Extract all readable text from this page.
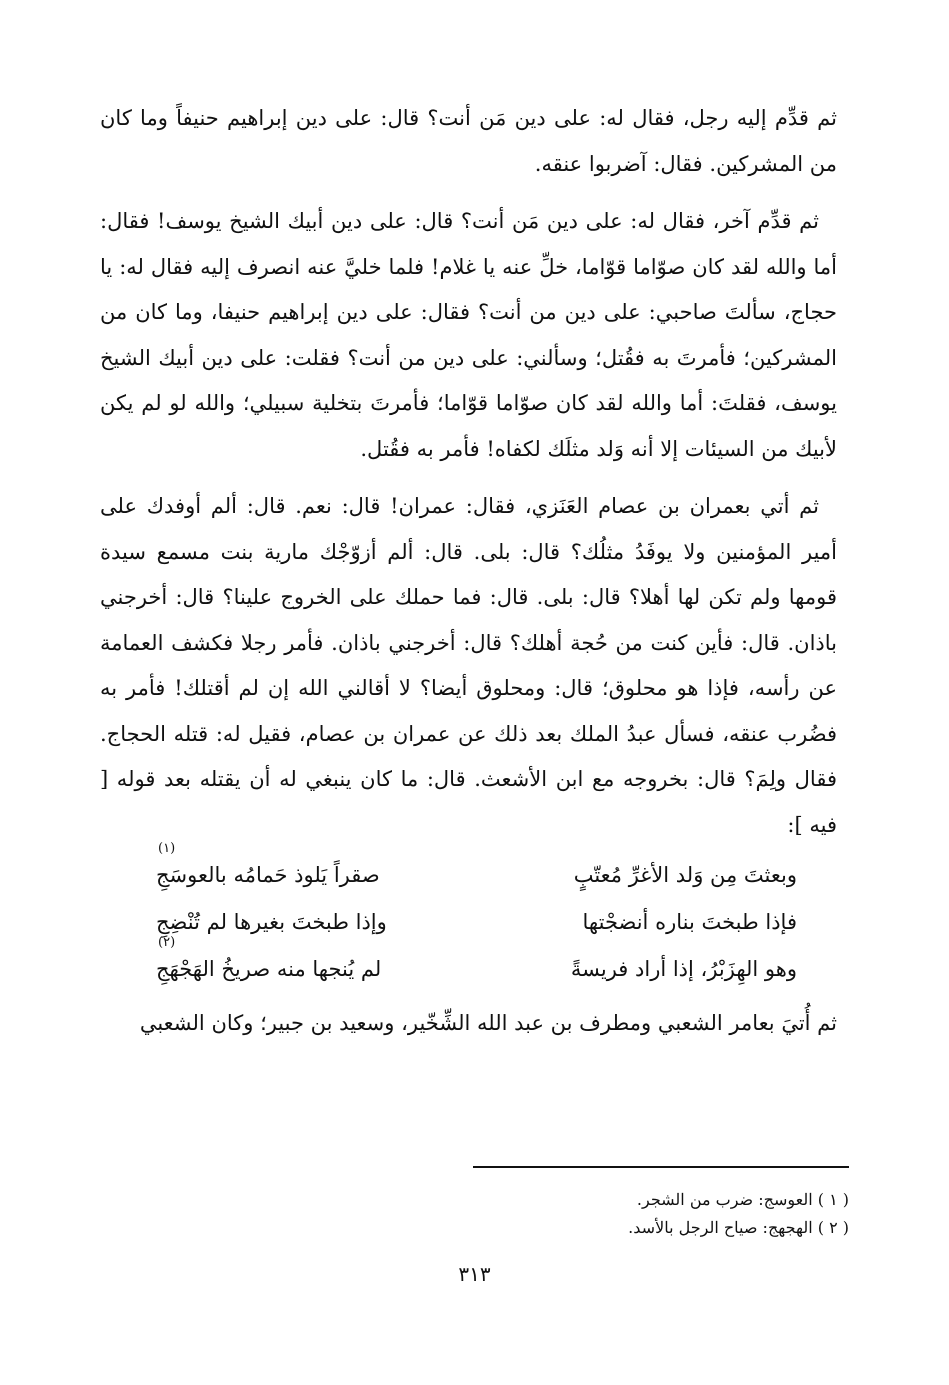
ثم قدِّم إليه رجل، فقال له: على دين مَن أنت؟ قال: على دين إبراهيم حنيفاً وما كان من المشركين. فقال: آضربوا عنقه.

ثم قدِّم آخر، فقال له: على دين مَن أنت؟ قال: على دين أبيك الشيخ يوسف! فقال: أما والله لقد كان صوّاما قوّاما، خلِّ عنه يا غلام! فلما خليَّ عنه انصرف إليه فقال له: يا حجاج، سألتَ صاحبي: على دين من أنت؟ فقال: على دين إبراهيم حنيفا، وما كان من المشركين؛ فأمرتَ به فقُتل؛ وسألني: على دين من أنت؟ فقلت: على دين أبيك الشيخ يوسف، فقلتَ: أما والله لقد كان صوّاما قوّاما؛ فأمرتَ بتخلية سبيلي؛ والله لو لم يكن لأبيك من السيئات إلا أنه وَلد مثلَك لكفاه! فأمر به فقُتل.

ثم أتي بعمران بن عصام العَنَزي، فقال: عمران! قال: نعم. قال: ألم أوفدك على أمير المؤمنين ولا يوفَدُ مثلُك؟ قال: بلى. قال: ألم أزوّجْك مارية بنت مسمع سيدة قومها ولم تكن لها أهلا؟ قال: بلى. قال: فما حملك على الخروج علينا؟ قال: أخرجني باذان. قال: فأين كنت من حُجة أهلك؟ قال: أخرجني باذان. فأمر رجلا فكشف العمامة عن رأسه، فإذا هو محلوق؛ قال: ومحلوق أيضا؟ لا أقالني الله إن لم أقتلك! فأمر به فضُرب عنقه، فسأل عبدُ الملك بعد ذلك عن عمران بن عصام، فقيل له: قتله الحجاج. فقال ولِمَ؟ قال: بخروجه مع ابن الأشعث. قال: ما كان ينبغي له أن يقتله بعد قوله [ فيه ]:

وبعثتَ مِن وَلد الأغرِّ مُعتّبٍ
صقراً يَلوذ حَمامُه بالعوسَجِ
(١)
فإذا طبختَ بناره أنضجْتها
وإذا طبختَ بغيرها لم تُنْضِجِ
وهو الهِزَبْرُ، إذا أراد فريسةً
لم يُنجها منه صريخُ الهَجْهَجِ
(٢)

ثم أُتيَ بعامر الشعبي ومطرف بن عبد الله الشِّخّير، وسعيد بن جبير؛ وكان الشعبي

( ١ ) العوسج: ضرب من الشجر.
( ٢ ) الهجهج: صياح الرجل بالأسد.
٣١٣
